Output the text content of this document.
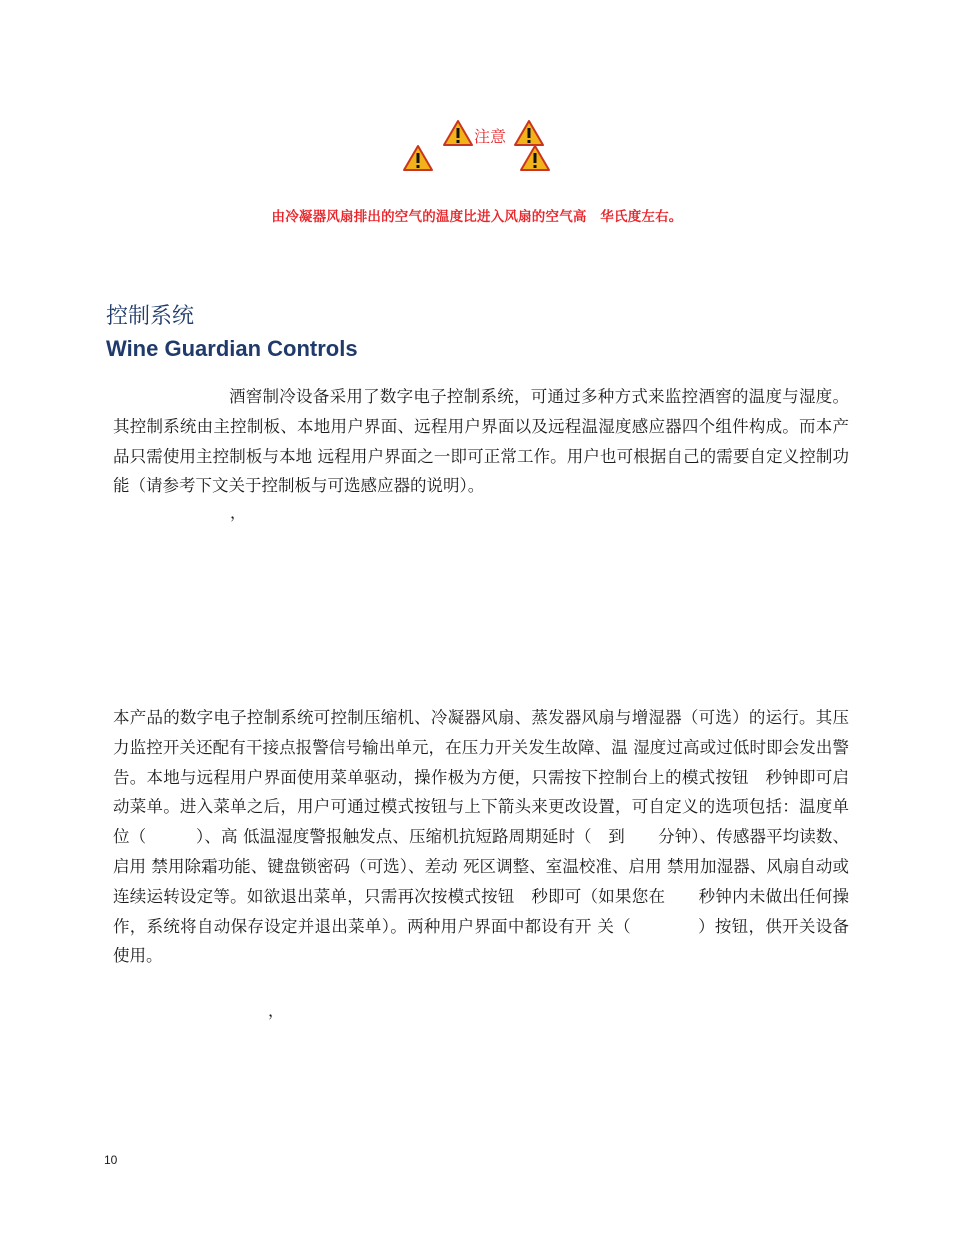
注意
由冷凝器风扇排出的空气的温度比进入风扇的空气高　华氏度左右。
控制系统
Wine Guardian Controls
酒窖制冷设备采用了数字电子控制系统，可通过多种方式来监控酒窖的温度与湿度。其控制系统由主控制板、本地用户界面、远程用户界面以及远程温湿度感应器四个组件构成。而本产品只需使用主控制板与本地 远程用户界面之一即可正常工作。用户也可根据自己的需要自定义控制功能（请参考下文关于控制板与可选感应器的说明）。
，
本产品的数字电子控制系统可控制压缩机、冷凝器风扇、蒸发器风扇与增湿器（可选）的运行。其压力监控开关还配有干接点报警信号输出单元，在压力开关发生故障、温 湿度过高或过低时即会发出警告。本地与远程用户界面使用菜单驱动，操作极为方便，只需按下控制台上的模式按钮　秒钟即可启动菜单。进入菜单之后，用户可通过模式按钮与上下箭头来更改设置，可自定义的选项包括：温度单位（　　　）、高 低温湿度警报触发点、压缩机抗短路周期延时（　到　　分钟）、传感器平均读数、启用 禁用除霜功能、键盘锁密码（可选）、差动 死区调整、室温校准、启用 禁用加湿器、风扇自动或连续运转设定等。如欲退出菜单，只需再次按模式按钮　秒即可（如果您在　　秒钟内未做出任何操作，系统将自动保存设定并退出菜单）。两种用户界面中都设有开 关（　　　　）按钮，供开关设备使用。
，
10
